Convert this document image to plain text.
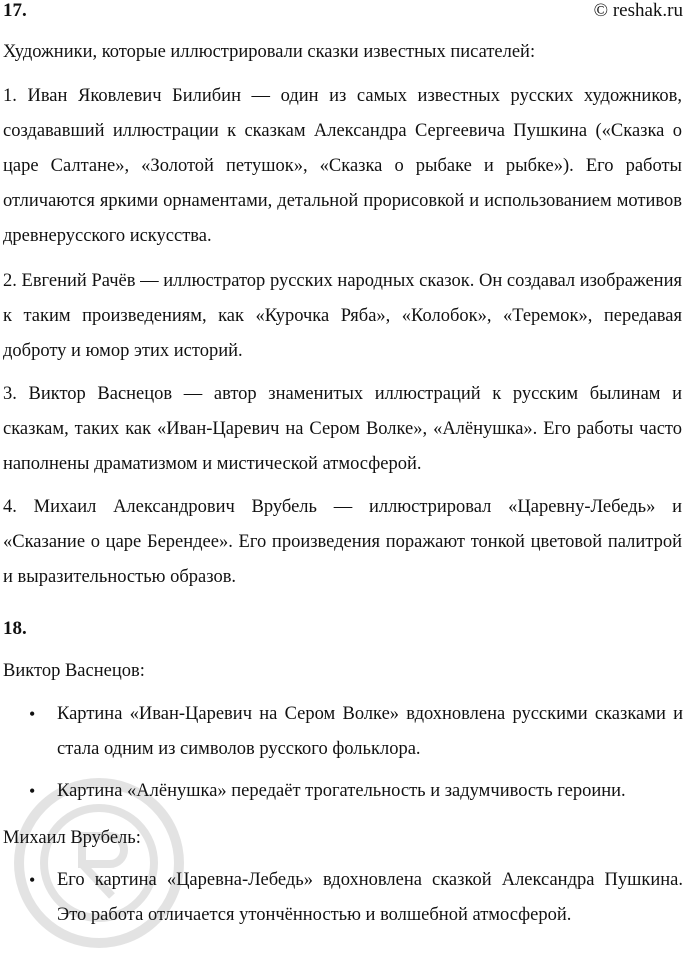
17.	© reshak.ru
Художники, которые иллюстрировали сказки известных писателей:
1. Иван Яковлевич Билибин — один из самых известных русских художников, создававший иллюстрации к сказкам Александра Сергеевича Пушкина («Сказка о царе Салтане», «Золотой петушок», «Сказка о рыбаке и рыбке»). Его работы отличаются яркими орнаментами, детальной прорисовкой и использованием мотивов древнерусского искусства.
2. Евгений Рачёв — иллюстратор русских народных сказок. Он создавал изображения к таким произведениям, как «Курочка Ряба», «Колобок», «Теремок», передавая доброту и юмор этих историй.
3. Виктор Васнецов — автор знаменитых иллюстраций к русским былинам и сказкам, таких как «Иван-Царевич на Сером Волке», «Алёнушка». Его работы часто наполнены драматизмом и мистической атмосферой.
4. Михаил Александрович Врубель — иллюстрировал «Царевну-Лебедь» и «Сказание о царе Берендее». Его произведения поражают тонкой цветовой палитрой и выразительностью образов.
18.
Виктор Васнецов:
• Картина «Иван-Царевич на Сером Волке» вдохновлена русскими сказками и стала одним из символов русского фольклора.
• Картина «Алёнушка» передаёт трогательность и задумчивость героини.
Михаил Врубель:
• Его картина «Царевна-Лебедь» вдохновлена сказкой Александра Пушкина. Это работа отличается утончённостью и волшебной атмосферой.
